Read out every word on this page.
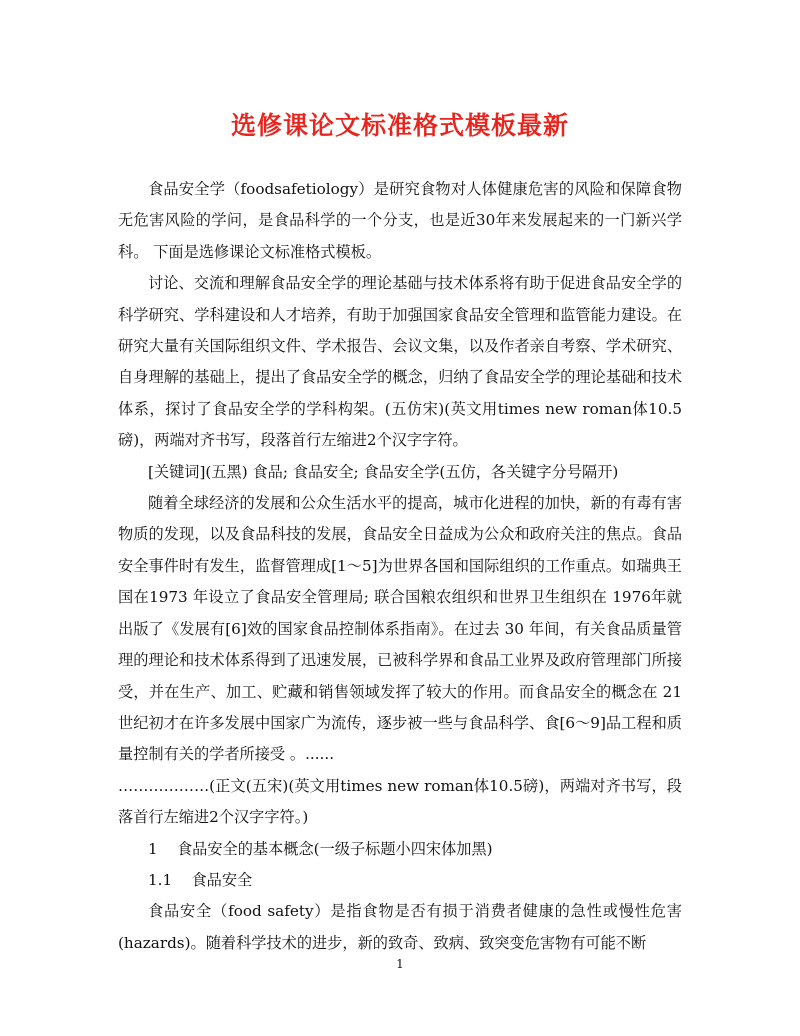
选修课论文标准格式模板最新

食品安全学（foodsafetiology）是研究食物对人体健康危害的风险和保障食物无危害风险的学问，是食品科学的一个分支，也是近30年来发展起来的一门新兴学科。 下面是选修课论文标准格式模板。

讨论、交流和理解食品安全学的理论基础与技术体系将有助于促进食品安全学的科学研究、学科建设和人才培养，有助于加强国家食品安全管理和监管能力建设。在研究大量有关国际组织文件、学术报告、会议文集，以及作者亲自考察、学术研究、自身理解的基础上，提出了食品安全学的概念，归纳了食品安全学的理论基础和技术体系，探讨了食品安全学的学科构架。(五仿宋)(英文用times new roman体10.5磅)，两端对齐书写，段落首行左缩进2个汉字字符。

[关键词](五黑) 食品; 食品安全; 食品安全学(五仿，各关键字分号隔开)

随着全球经济的发展和公众生活水平的提高，城市化进程的加快，新的有毒有害物质的发现，以及食品科技的发展，食品安全日益成为公众和政府关注的焦点。食品安全事件时有发生，监督管理成[1～5]为世界各国和国际组织的工作重点。如瑞典王国在1973 年设立了食品安全管理局; 联合国粮农组织和世界卫生组织在 1976年就出版了《发展有[6]效的国家食品控制体系指南》。在过去 30 年间，有关食品质量管理的理论和技术体系得到了迅速发展，已被科学界和食品工业界及政府管理部门所接受，并在生产、加工、贮藏和销售领域发挥了较大的作用。而食品安全的概念在 21 世纪初才在许多发展中国家广为流传，逐步被一些与食品科学、食[6～9]品工程和质量控制有关的学者所接受 。......

………………(正文(五宋)(英文用times new roman体10.5磅)，两端对齐书写，段落首行左缩进2个汉字字符。)

1    食品安全的基本概念(一级子标题小四宋体加黑)

1.1    食品安全

食品安全（food safety）是指食物是否有损于消费者健康的急性或慢性危害(hazards)。随着科学技术的进步，新的致奇、致病、致突变危害物有可能不断

1
